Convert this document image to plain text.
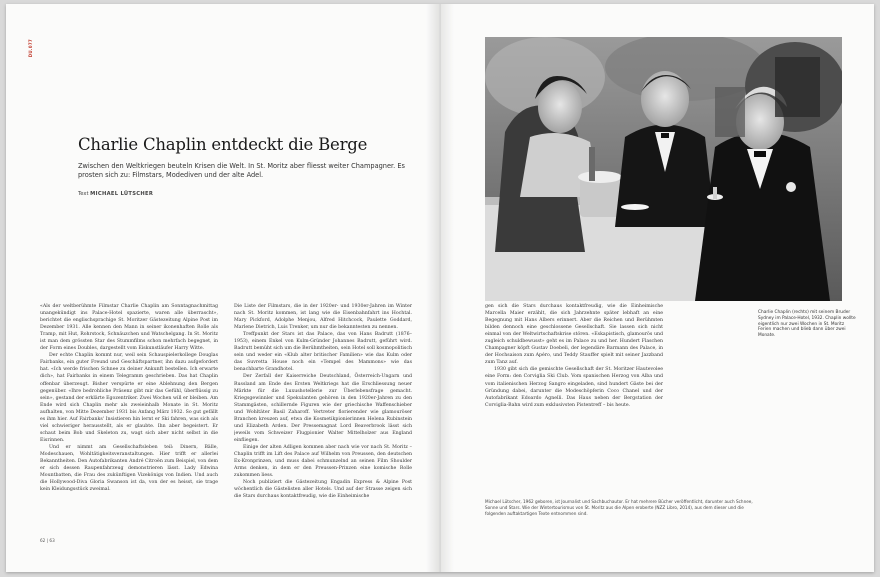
DU.077
Charlie Chaplin entdeckt die Berge
Zwischen den Weltkriegen beuteln Krisen die Welt. In St. Moritz aber fliesst weiter Champagner. Es prosten sich zu: Filmstars, Modediven und der alte Adel.
Text MICHAEL LÜTSCHER

«Als der weltberühmte Filmstar Charlie Chaplin am Sonntagnachmittag unangekündigt ins Palace-Hotel spazierte, waren alle überrascht», berichtet die englischsprachige St. Moritzer Gästezeitung Alpine Post im Dezember 1931. Alle kennen den Mann in seiner ikonenhaften Rolle als Tramp, mit Hut, Rohrstock, Schnäuzchen und Watschelgang. In St. Moritz ist man dem grössten Star des Stummfilms schon mehrfach begegnet, in der Form eines Doubles, dargestellt vom Eiskunstläufer Harry Witte.

Der echte Chaplin kommt nur, weil sein Schauspielerkollege Douglas Fairbanks, ein guter Freund und Geschäftspartner, ihn dazu aufgefordert hat. «Ich werde frischen Schnee zu deiner Ankunft bestellen. Ich erwarte dich», hat Fairbanks in einem Telegramm geschrieben. Das hat Chaplin offenbar überzeugt. Bisher verspürte er eine Ablehnung den Bergen gegenüber. «Ihre bedrohliche Präsenz gibt mir das Gefühl, überflüssig zu sein», gestand der erklärte Egozentriker. Zwei Wochen will er bleiben. Am Ende wird sich Chaplin mehr als zweieinhalb Monate in St. Moritz aufhalten, von Mitte Dezember 1931 bis Anfang März 1932. So gut gefällt es ihm hier. Auf Fairbanks' Insistieren hin lernt er Ski fahren, was sich als viel schwieriger herausstellt, als er glaubte. Ihn aber begeistert. Er schaut beim Bob und Skeleton zu, wagt sich aber nicht selbst in die Eisrinnen.

Und er nimmt am Gesellschaftsleben teil: Dinern, Bälle, Modeschauen, Wohltätigkeitsveranstaltungen. Hier trifft er allerlei Bekanntheiten. Den Autofabrikanten André Citroën zum Beispiel, von dem er sich dessen Raupenfahrzeug demonstrieren lässt. Lady Edwina Mountbatten, die Frau des zukünftigen Vizekönigs von Indien. Und auch die Hollywood-Diva Gloria Swanson ist da, von der es heisst, sie trage kein Kleidungsstück zweimal.

Die Liste der Filmstars, die in der 1920er- und 1930er-Jahren im Winter nach St. Moritz kommen, ist lang wie die Eisenbahnfahrt ins Hochtal. Mary Pickford, Adolphe Menjou, Alfred Hitchcock, Paulette Goddard, Marlene Dietrich, Luis Trenker, um nur die bekanntesten zu nennen.

Treffpunkt der Stars ist das Palace, das von Hans Badrutt (1876–1953), einem Enkel von Kulm-Gründer Johannes Badrutt, geführt wird. Badrutt bemüht sich um die Berühmtheiten, sein Hotel soll kosmopolitisch sein und weder ein «Klub alter britischer Familien» wie das Kulm oder das Suvretta House noch ein «Tempel des Mammons» wie das benachbarte Grandhotel.

Der Zerfall der Kaiserreiche Deutschland, Österreich-Ungarn und Russland am Ende des Ersten Weltkriegs hat die Erschliessung neuer Märkte für die Luxushotellerie zur Überlebensfrage gemacht. Kriegsgewinnler und Spekulanten gehören in den 1920er-Jahren zu den Stammgästen, schillernde Figuren wie der griechische Waffenschieber und Wohltäter Basil Zaharoff. Vertreter florierender wie glamouröser Branchen kreuzen auf, etwa die Kosmetikpionierinnen Helena Rubinstein und Elizabeth Arden. Der Pressemagnat Lord Beaverbrook lässt sich jeweils vom Schweizer Flugpionier Walter Mittelholzer aus England einfliegen.

Einige der alten Adligen kommen aber nach wie vor nach St. Moritz – Chaplin trifft im Lift des Palace auf Wilhelm von Preussen, den deutschen Ex-Kronprinzen, und muss dabei schmunzelnd an seinen Film Shoulder Arms denken, in dem er den Preussen-Prinzen eine komische Rolle zukommen liess.

Noch publiziert die Gästezeitung Engadin Express & Alpine Post wöchentlich die Gästelisten aller Hotels. Und auf der Strasse zeigen sich die Stars durchaus kontaktfreudig, wie die Einheimische

62 | 63

gen sich die Stars durchaus kontaktfreudig, wie die Einheimische Marcella Maier erzählt, die sich Jahrzehnte später lebhaft an eine Begegnung mit Hans Albers erinnert. Aber die Reichen und Berühmten bilden dennoch eine geschlossene Gesellschaft. Sie lassen sich nicht einmal von der Weltwirtschaftskrise stören. «Eskapistisch, glamourös und zugleich schuldbewusst» geht es im Palace zu und her. Hundert Flaschen Champagner köpft Gustav Doebeli, der legendäre Barmann des Palace, in der Hochsaison zum Apéro, und Teddy Stauffer spielt mit seiner Jazzband zum Tanz auf.

1930 gibt sich die gemischte Gesellschaft der St. Moritzer Hautevolee eine Form: den Corviglia Ski Club. Vom spanischen Herzog von Alba und vom italienischen Herzog Sangro eingeladen, sind hundert Gäste bei der Gründung dabei, darunter die Modeschöpferin Coco Chanel und der Autofabrikant Edoardo Agnelli. Das Haus neben der Bergstation der Corviglia-Bahn wird zum exklusivsten Pistentreff – bis heute.

Charlie Chaplin (rechts) mit seinem Bruder Sydney im Palace-Hotel, 1932. Chaplin wollte eigentlich nur zwei Wochen in St. Moritz Ferien machen und blieb dann über zwei Monate.
Michael Lütscher, 1962 geboren, ist Journalist und Sachbuchautor. Er hat mehrere Bücher veröffentlicht, darunter auch Schnee, Sonne und Stars. Wie der Wintertourismus von St. Moritz aus die Alpen eroberte (NZZ Libro, 2014), aus dem dieser und die folgenden auftaktartigen Texte entnommen sind.
